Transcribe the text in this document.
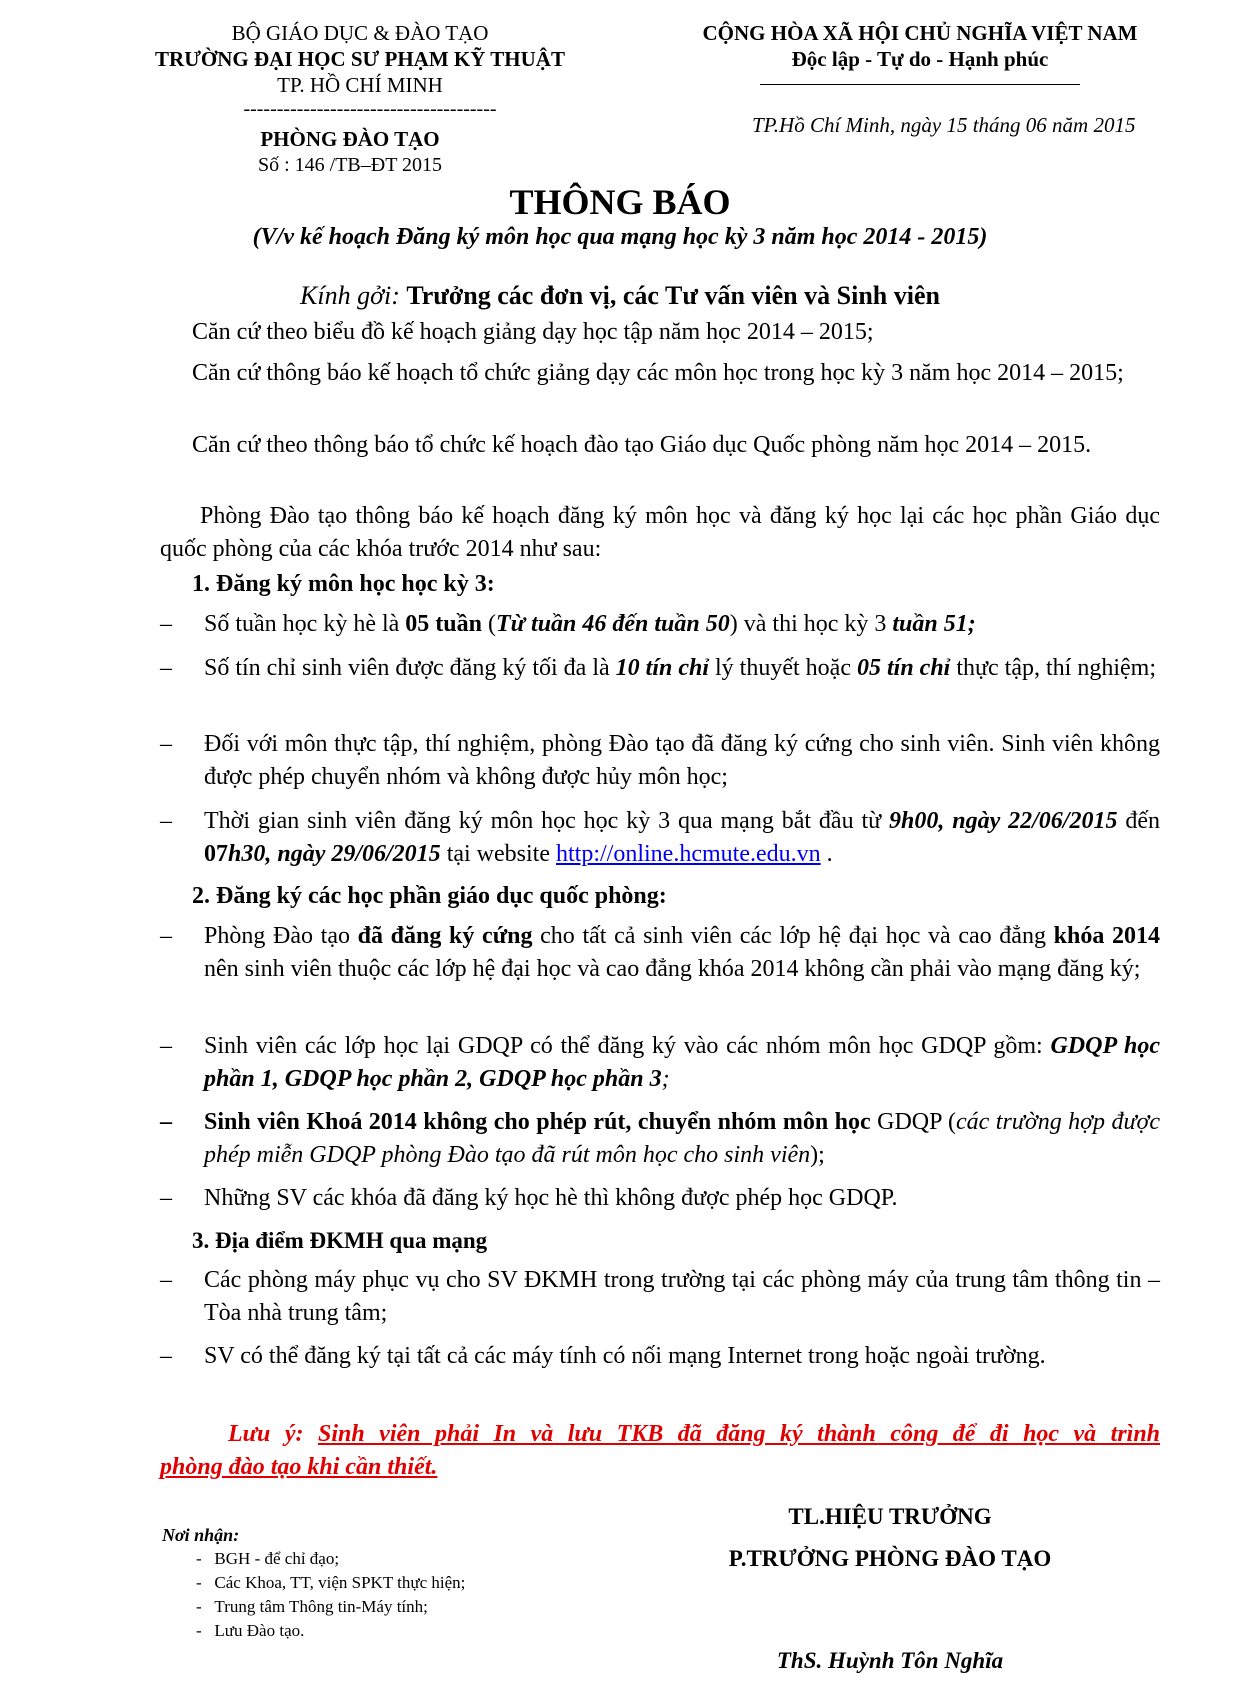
BỘ GIÁO DỤC & ĐÀO TẠO
TRƯỜNG ĐẠI HỌC SƯ PHẠM KỸ THUẬT
TP. HỒ CHÍ MINH
--------------------------------------
PHÒNG ĐÀO TẠO
Số : 146 /TB–ĐT 2015
CỘNG HÒA XÃ HỘI CHỦ NGHĨA VIỆT NAM
Độc lập - Tự do - Hạnh phúc
TP.Hồ Chí Minh, ngày 15 tháng 06 năm 2015
THÔNG BÁO
(V/v kế hoạch Đăng ký môn học qua mạng học kỳ 3 năm học 2014 - 2015)
Kính gởi: Trưởng các đơn vị, các Tư vấn viên và Sinh viên
Căn cứ theo biểu đồ kế hoạch giảng dạy học tập năm học 2014 – 2015;
Căn cứ thông báo kế hoạch tổ chức giảng dạy các môn học trong học kỳ 3 năm học 2014 – 2015;
Căn cứ theo thông báo tổ chức kế hoạch đào tạo Giáo dục Quốc phòng năm học 2014 – 2015.
Phòng Đào tạo thông báo kế hoạch đăng ký môn học và đăng ký học lại các học phần Giáo dục quốc phòng của các khóa trước 2014 như sau:
1. Đăng ký môn học học kỳ 3:
– Số tuần học kỳ hè là 05 tuần (Từ tuần 46 đến tuần 50) và thi học kỳ 3 tuần 51;
– Số tín chỉ sinh viên được đăng ký tối đa là 10 tín chỉ lý thuyết hoặc 05 tín chỉ thực tập, thí nghiệm;
– Đối với môn thực tập, thí nghiệm, phòng Đào tạo đã đăng ký cứng cho sinh viên. Sinh viên không được phép chuyển nhóm và không được hủy môn học;
– Thời gian sinh viên đăng ký môn học học kỳ 3 qua mạng bắt đầu từ 9h00, ngày 22/06/2015 đến 07h30, ngày 29/06/2015 tại website http://online.hcmute.edu.vn .
2. Đăng ký các học phần giáo dục quốc phòng:
– Phòng Đào tạo đã đăng ký cứng cho tất cả sinh viên các lớp hệ đại học và cao đẳng khóa 2014 nên sinh viên thuộc các lớp hệ đại học và cao đẳng khóa 2014 không cần phải vào mạng đăng ký;
– Sinh viên các lớp học lại GDQP có thể đăng ký vào các nhóm môn học GDQP gồm: GDQP học phần 1, GDQP học phần 2, GDQP học phần 3;
– Sinh viên Khoá 2014 không cho phép rút, chuyển nhóm môn học GDQP (các trường hợp được phép miễn GDQP phòng Đào tạo đã rút môn học cho sinh viên);
– Những SV các khóa đã đăng ký học hè thì không được phép học GDQP.
3. Địa điểm ĐKMH qua mạng
– Các phòng máy phục vụ cho SV ĐKMH trong trường tại các phòng máy của trung tâm thông tin – Tòa nhà trung tâm;
– SV có thể đăng ký tại tất cả các máy tính có nối mạng Internet trong hoặc ngoài trường.
Lưu ý: Sinh viên phải In và lưu TKB đã đăng ký thành công để đi học và trình
phòng đào tạo khi cần thiết.
TL.HIỆU TRƯỞNG
P.TRƯỞNG PHÒNG ĐÀO TẠO
ThS. Huỳnh Tôn Nghĩa
Nơi nhận:
- BGH - để chỉ đạo;
- Các Khoa, TT, viện SPKT thực hiện;
- Trung tâm Thông tin-Máy tính;
- Lưu Đào tạo.
